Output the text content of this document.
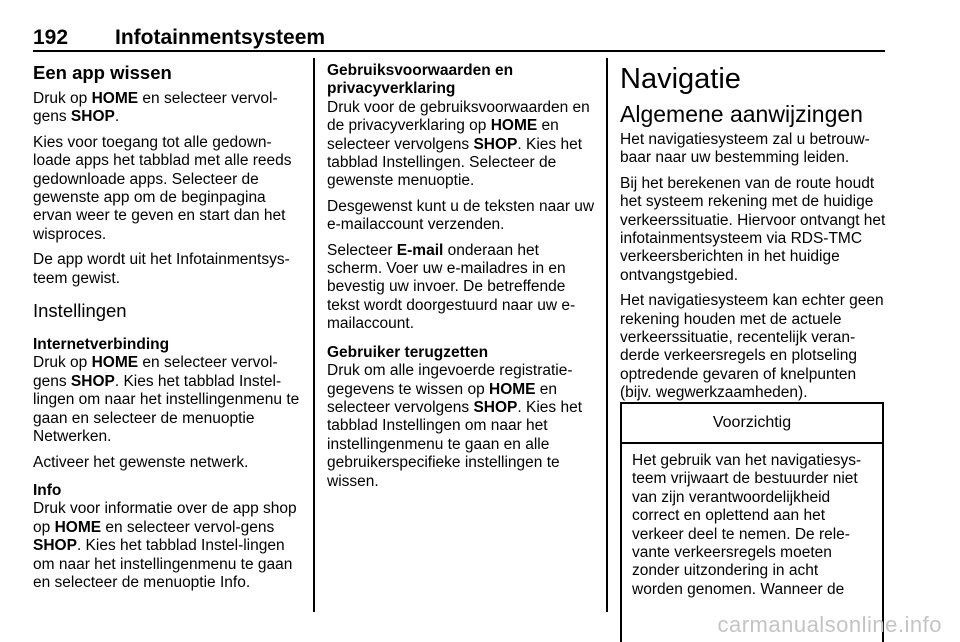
192 Infotainmentsysteem
Een app wissen

Druk op HOME en selecteer vervol-gens SHOP.

Kies voor toegang tot alle gedown-loade apps het tabblad met alle reeds gedownloade apps. Selecteer de gewenste app om de beginpagina ervan weer te geven en start dan het wisproces.

De app wordt uit het Infotainmentsys-teem gewist.

Instellingen
Internetverbinding

Druk op HOME en selecteer vervol-gens SHOP. Kies het tabblad Instel-lingen om naar het instellingenmenu te gaan en selecteer de menuoptie Netwerken.

Activeer het gewenste netwerk.

Info

Druk voor informatie over de app shop op HOME en selecteer vervol-gens SHOP. Kies het tabblad Instel-lingen om naar het instellingenmenu te gaan en selecteer de menuoptie Info.

Gebruiksvoorwaarden en privacyverklaring

Druk voor de gebruiksvoorwaarden en de privacyverklaring op HOME en selecteer vervolgens SHOP. Kies het tabblad Instellingen. Selecteer de gewenste menuoptie.

Desgewenst kunt u de teksten naar uw e-mailaccount verzenden.

Selecteer E-mail onderaan het scherm. Voer uw e-mailadres in en bevestig uw invoer. De betreffende tekst wordt doorgestuurd naar uw e-mailaccount.

Gebruiker terugzetten

Druk om alle ingevoerde registratie-gegevens te wissen op HOME en selecteer vervolgens SHOP. Kies het tabblad Instellingen om naar het instellingenmenu te gaan en alle gebruikerspecifieke instellingen te wissen.

Navigatie
Algemene aanwijzingen

Het navigatiesysteem zal u betrouw-baar naar uw bestemming leiden.

Bij het berekenen van de route houdt het systeem rekening met de huidige verkeerssituatie. Hiervoor ontvangt het infotainmentsysteem via RDS-TMC verkeersberichten in het huidige ontvangstgebied.

Het navigatiesysteem kan echter geen rekening houden met de actuele verkeerssituatie, recentelijk veran-derde verkeersregels en plotseling optredende gevaren of knelpunten (bijv. wegwerkzaamheden).

Voorzichtig
Het gebruik van het navigatiesys-teem vrijwaart de bestuurder niet van zijn verantwoordelijkheid correct en oplettend aan het verkeer deel te nemen. De rele-vante verkeersregels moeten zonder uitzondering in acht worden genomen. Wanneer de
carmanualsonline.info
